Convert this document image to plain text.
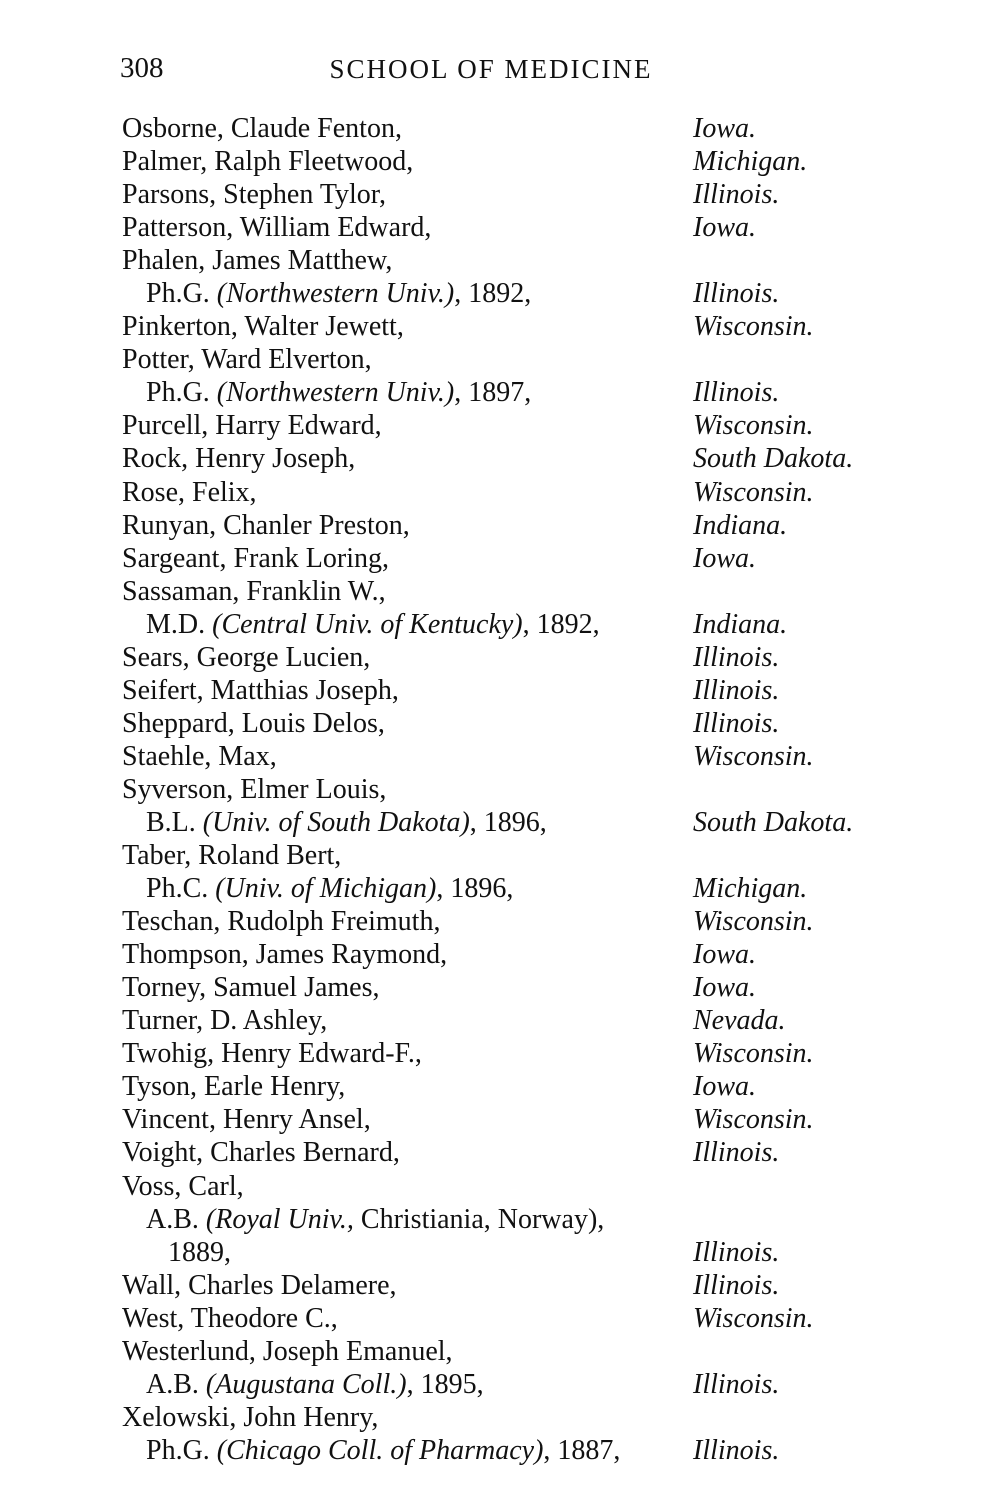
308	SCHOOL OF MEDICINE
Osborne, Claude Fenton,	Iowa.
Palmer, Ralph Fleetwood,	Michigan.
Parsons, Stephen Tylor,	Illinois.
Patterson, William Edward,	Iowa.
Phalen, James Matthew,
Ph.G. (Northwestern Univ.), 1892,	Illinois.
Pinkerton, Walter Jewett,	Wisconsin.
Potter, Ward Elverton,
Ph.G. (Northwestern Univ.), 1897,	Illinois.
Purcell, Harry Edward,	Wisconsin.
Rock, Henry Joseph,	South Dakota.
Rose, Felix,	Wisconsin.
Runyan, Chanler Preston,	Indiana.
Sargeant, Frank Loring,	Iowa.
Sassaman, Franklin W.,
M.D. (Central Univ. of Kentucky), 1892,	Indiana.
Sears, George Lucien,	Illinois.
Seifert, Matthias Joseph,	Illinois.
Sheppard, Louis Delos,	Illinois.
Staehle, Max,	Wisconsin.
Syverson, Elmer Louis,
B.L. (Univ. of South Dakota), 1896,	South Dakota.
Taber, Roland Bert,
Ph.C. (Univ. of Michigan), 1896,	Michigan.
Teschan, Rudolph Freimuth,	Wisconsin.
Thompson, James Raymond,	Iowa.
Torney, Samuel James,	Iowa.
Turner, D. Ashley,	Nevada.
Twohig, Henry Edward-F.,	Wisconsin.
Tyson, Earle Henry,	Iowa.
Vincent, Henry Ansel,	Wisconsin.
Voight, Charles Bernard,	Illinois.
Voss, Carl,
A.B. (Royal Univ., Christiania, Norway),
1889,	Illinois.
Wall, Charles Delamere,	Illinois.
West, Theodore C.,	Wisconsin.
Westerlund, Joseph Emanuel,
A.B. (Augustana Coll.), 1895,	Illinois.
Xelowski, John Henry,
Ph.G. (Chicago Coll. of Pharmacy), 1887,	Illinois.
